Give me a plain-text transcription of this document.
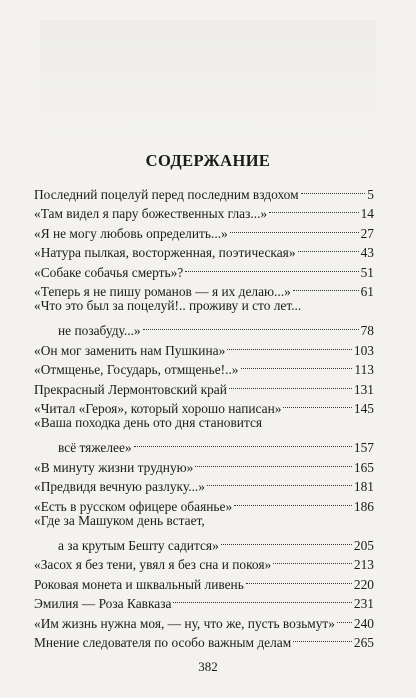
СОДЕРЖАНИЕ
Последний поцелуй перед последним вздохом	5
«Там видел я пару божественных глаз...»	14
«Я не могу любовь определить...»	27
«Натура пылкая, восторженная, поэтическая»	43
«Собаке собачья смерть»?	51
«Теперь я не пишу романов — я их делаю...»	61
«Что это был за поцелуй!.. проживу и сто лет...
не позабуду...»	78
«Он мог заменить нам Пушкина»	103
«Отмщенье, Государь, отмщенье!..»	113
Прекрасный Лермонтовский край	131
«Читал «Героя», который хорошо написан»	145
«Ваша походка день ото дня становится
всё тяжелее»	157
«В минуту жизни трудную»	165
«Предвидя вечную разлуку...»	181
«Есть в русском офицере обаянье»	186
«Где за Машуком день встает,
а за крутым Бешту садится»	205
«Засох я без тени, увял я без сна и покоя»	213
Роковая монета и шквальный ливень	220
Эмилия — Роза Кавказа	231
«Им жизнь нужна моя, — ну, что же, пусть возьмут» 240
Мнение следователя по особо важным делам	265
382
